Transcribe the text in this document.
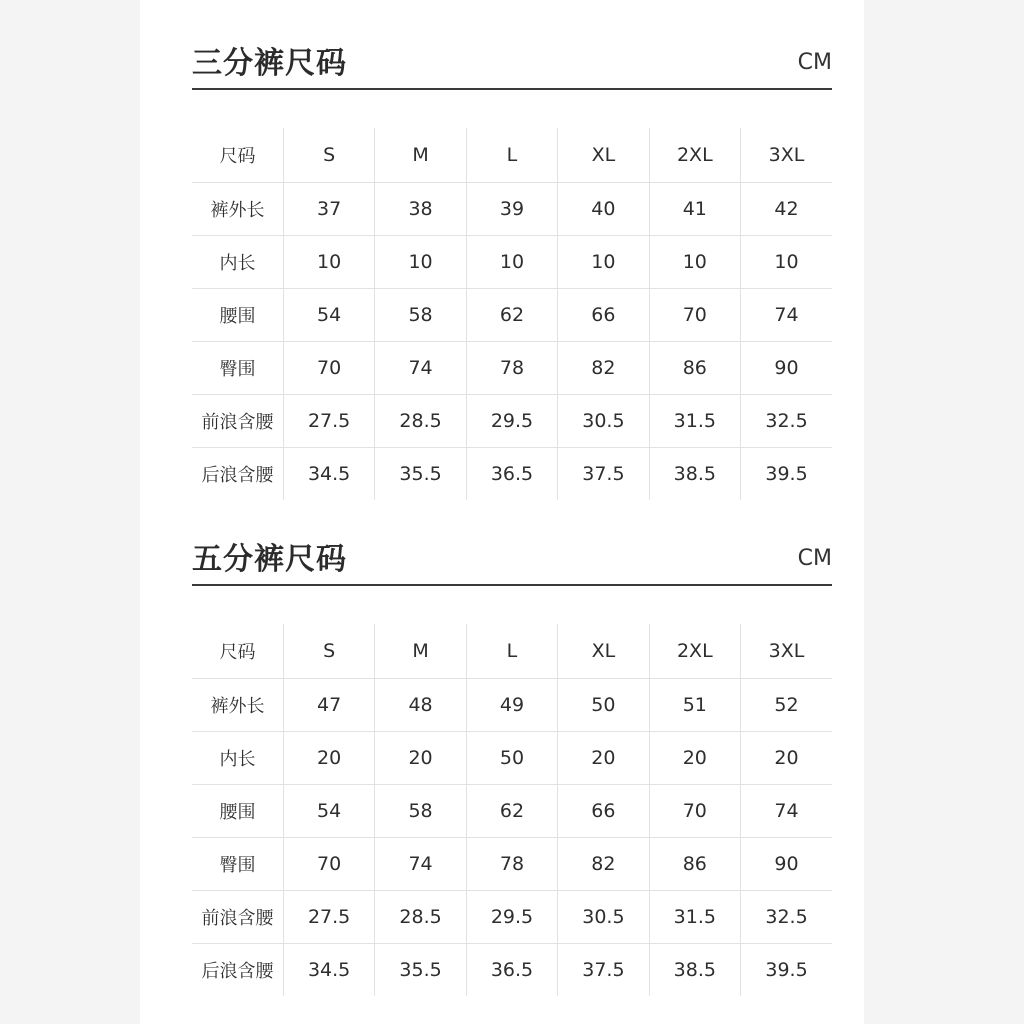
三分裤尺码	CM
尺码	S	M	L	XL	2XL	3XL
裤外长	37	38	39	40	41	42
内长	10	10	10	10	10	10
腰围	54	58	62	66	70	74
臀围	70	74	78	82	86	90
前浪含腰	27.5	28.5	29.5	30.5	31.5	32.5
后浪含腰	34.5	35.5	36.5	37.5	38.5	39.5
五分裤尺码	CM
尺码	S	M	L	XL	2XL	3XL
裤外长	47	48	49	50	51	52
内长	20	20	50	20	20	20
腰围	54	58	62	66	70	74
臀围	70	74	78	82	86	90
前浪含腰	27.5	28.5	29.5	30.5	31.5	32.5
后浪含腰	34.5	35.5	36.5	37.5	38.5	39.5
